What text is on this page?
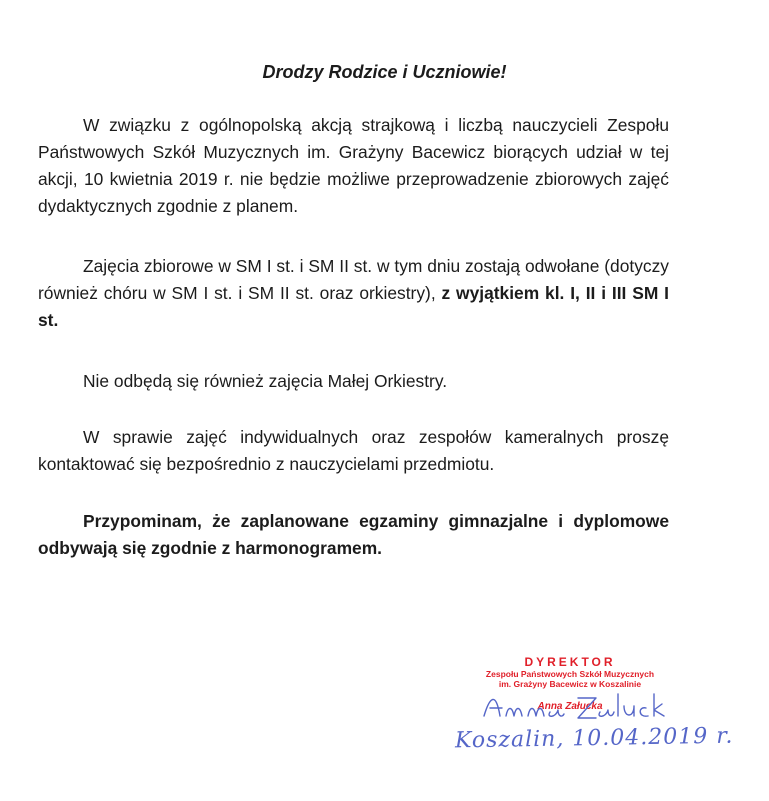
Drodzy Rodzice i Uczniowie!

W związku z ogólnopolską akcją strajkową i liczbą nauczycieli Zespołu Państwowych Szkół Muzycznych im. Grażyny Bacewicz biorących udział w tej akcji, 10 kwietnia 2019 r. nie będzie możliwe przeprowadzenie zbiorowych zajęć dydaktycznych zgodnie z planem.

Zajęcia zbiorowe w SM I st. i SM II st. w tym dniu zostają odwołane (dotyczy również chóru w SM I st. i SM II st. oraz orkiestry), z wyjątkiem kl. I, II i III SM I st.

Nie odbędą się również zajęcia Małej Orkiestry.

W sprawie zajęć indywidualnych oraz zespołów kameralnych proszę kontaktować się bezpośrednio z nauczycielami przedmiotu.

Przypominam, że zaplanowane egzaminy gimnazjalne i dyplomowe odbywają się zgodnie z harmonogramem.

DYREKTOR
Zespołu Państwowych Szkół Muzycznych
im. Grażyny Bacewicz w Koszalinie
Anna Załucka
Koszalin, 10.04.2019 r.
